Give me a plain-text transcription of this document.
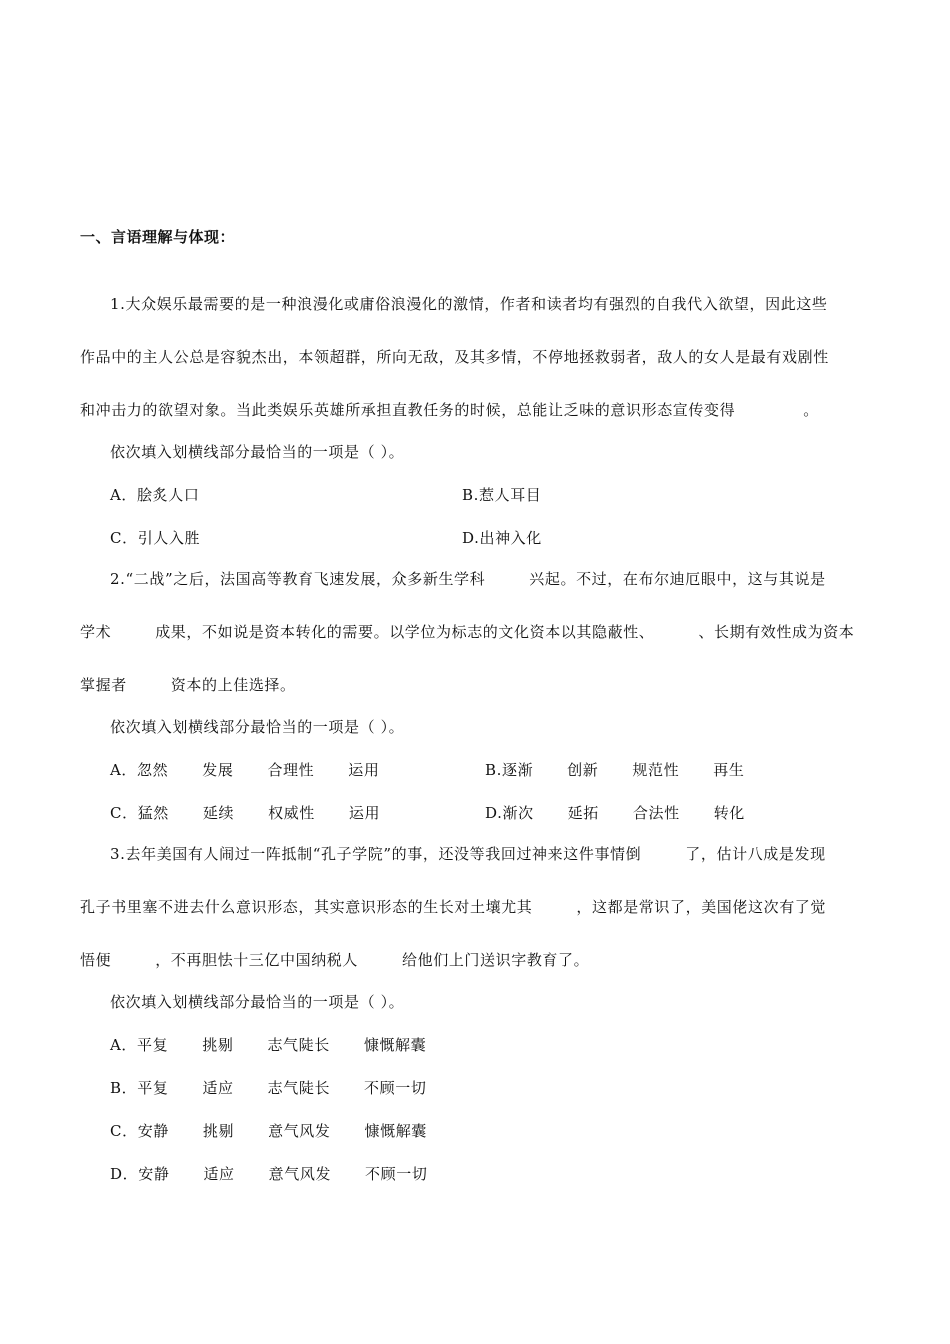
一、言语理解与体现：
1.大众娱乐最需要的是一种浪漫化或庸俗浪漫化的激情，作者和读者均有强烈的自我代入欲望，因此这些
作品中的主人公总是容貌杰出，本领超群，所向无敌，及其多情，不停地拯救弱者，敌人的女人是最有戏剧性
和冲击力的欲望对象。当此类娱乐英雄所承担直教任务的时候，总能让乏味的意识形态宣传变得	。
依次填入划横线部分最恰当的一项是（ ）。
A．脍炙人口	B.惹人耳目
C．引人入胜	D.出神入化
2.“二战”之后，法国高等教育飞速发展，众多新生学科	兴起。不过，在布尔迪厄眼中，这与其说是
学术	成果，不如说是资本转化的需要。以学位为标志的文化资本以其隐蔽性、	、长期有效性成为资本
掌握者	资本的上佳选择。
依次填入划横线部分最恰当的一项是（ ）。
A．忽然 发展 合理性 运用	B.逐渐 创新 规范性 再生
C．猛然 延续 权威性 运用	D.渐次 延拓 合法性 转化
3.去年美国有人闹过一阵抵制“孔子学院”的事，还没等我回过神来这件事情倒	了，估计八成是发现
孔子书里塞不进去什么意识形态，其实意识形态的生长对土壤尤其	，这都是常识了，美国佬这次有了觉
悟便	，不再胆怯十三亿中国纳税人	给他们上门送识字教育了。
依次填入划横线部分最恰当的一项是（ ）。
A．平复 挑剔 志气陡长 慷慨解囊
B．平复 适应 志气陡长 不顾一切
C．安静 挑剔 意气风发 慷慨解囊
D．安静 适应 意气风发 不顾一切
